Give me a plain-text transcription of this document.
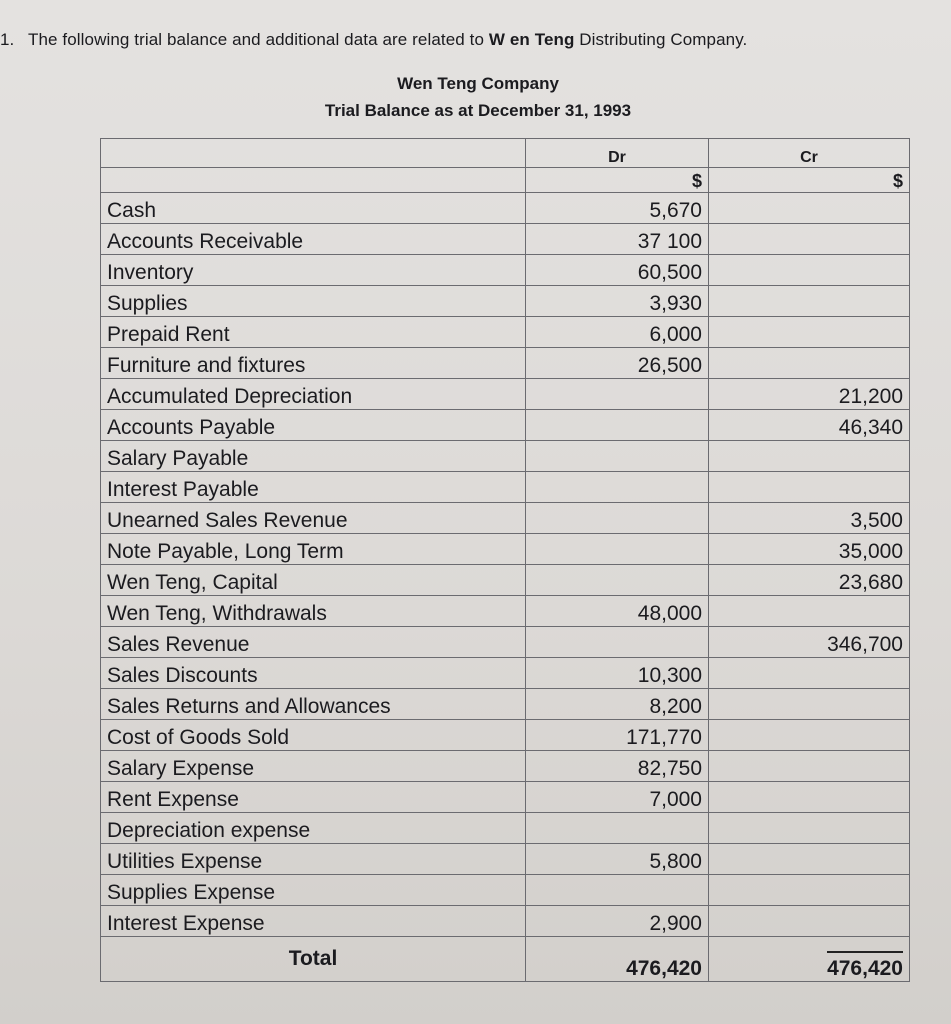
1. The following trial balance and additional data are related to W en Teng Distributing Company.
Wen Teng Company
Trial Balance as at December 31, 1993
	Dr	Cr
	$	$
Cash	5,670	
Accounts Receivable	37 100	
Inventory	60,500	
Supplies	3,930	
Prepaid Rent	6,000	
Furniture and fixtures	26,500	
Accumulated Depreciation		21,200
Accounts Payable		46,340
Salary Payable		
Interest Payable		
Unearned Sales Revenue		3,500
Note Payable, Long Term		35,000
Wen Teng, Capital		23,680
Wen Teng, Withdrawals	48,000	
Sales Revenue		346,700
Sales Discounts	10,300	
Sales Returns and Allowances	8,200	
Cost of Goods Sold	171,770	
Salary Expense	82,750	
Rent Expense	7,000	
Depreciation expense		
Utilities Expense	5,800	
Supplies Expense		
Interest Expense	2,900	
Total	476,420	476,420
